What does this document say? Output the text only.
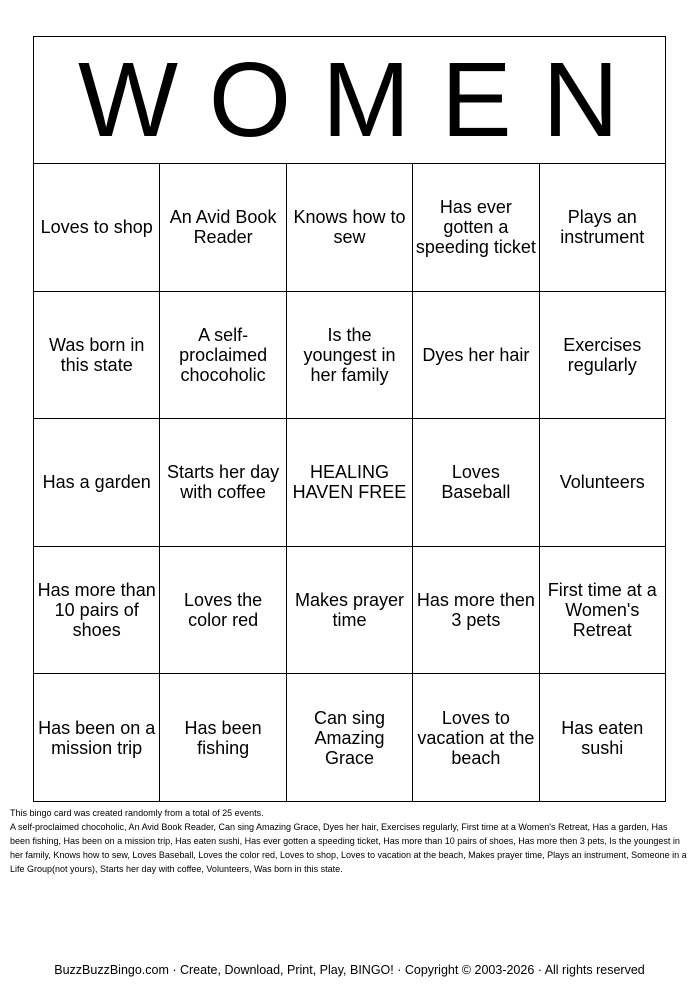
W O M E N				

Loves to shop	An Avid Book Reader	Knows how to sew	Has ever gotten a speeding ticket	Plays an instrument

Was born in this state	A self-proclaimed chocoholic	Is the youngest in her family	Dyes her hair	Exercises regularly

Has a garden	Starts her day with coffee	HEALING HAVEN FREE	Loves Baseball	Volunteers

Has more than 10 pairs of shoes	Loves the color red	Makes prayer time	Has more then 3 pets	First time at a Women's Retreat

Has been on a mission trip	Has been fishing	Can sing Amazing Grace	Loves to vacation at the beach	Has eaten sushi
This bingo card was created randomly from a total of 25 events.
A self-proclaimed chocoholic, An Avid Book Reader, Can sing Amazing Grace, Dyes her hair, Exercises regularly, First time at a Women's Retreat, Has a garden, Has been fishing, Has been on a mission trip, Has eaten sushi, Has ever gotten a speeding ticket, Has more than 10 pairs of shoes, Has more then 3 pets, Is the youngest in her family, Knows how to sew, Loves Baseball, Loves the color red, Loves to shop, Loves to vacation at the beach, Makes prayer time, Plays an instrument, Someone in a Life Group(not yours), Starts her day with coffee, Volunteers, Was born in this state.
BuzzBuzzBingo.com · Create, Download, Print, Play, BINGO! · Copyright © 2003-2026 · All rights reserved
